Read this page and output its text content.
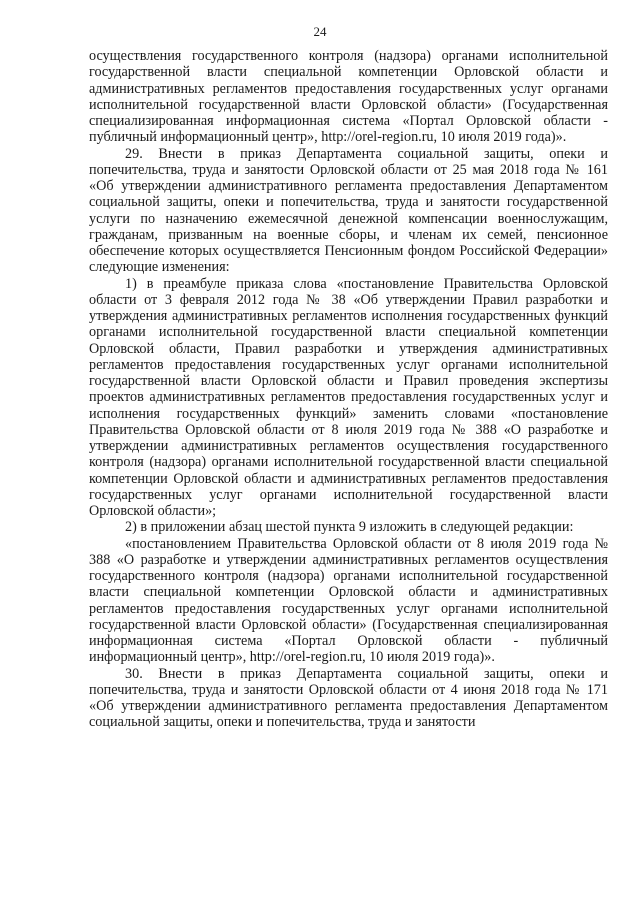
24

осуществления государственного контроля (надзора) органами исполнительной государственной власти специальной компетенции Орловской области и административных регламентов предоставления государственных услуг органами исполнительной государственной власти Орловской области» (Государственная специализированная информационная система «Портал Орловской области - публичный информационный центр», http://orel-region.ru, 10 июля 2019 года)».

29. Внести в приказ Департамента социальной защиты, опеки и попечительства, труда и занятости Орловской области от 25 мая 2018 года № 161 «Об утверждении административного регламента предоставления Департаментом социальной защиты, опеки и попечительства, труда и занятости государственной услуги по назначению ежемесячной денежной компенсации военнослужащим, гражданам, призванным на военные сборы, и членам их семей, пенсионное обеспечение которых осуществляется Пенсионным фондом Российской Федерации» следующие изменения:

1) в преамбуле приказа слова «постановление Правительства Орловской области от 3 февраля 2012 года № 38 «Об утверждении Правил разработки и утверждения административных регламентов исполнения государственных функций органами исполнительной государственной власти специальной компетенции Орловской области, Правил разработки и утверждения административных регламентов предоставления государственных услуг органами исполнительной государственной власти Орловской области и Правил проведения экспертизы проектов административных регламентов предоставления государственных услуг и исполнения государственных функций» заменить словами «постановление Правительства Орловской области от 8 июля 2019 года № 388 «О разработке и утверждении административных регламентов осуществления государственного контроля (надзора) органами исполнительной государственной власти специальной компетенции Орловской области и административных регламентов предоставления государственных услуг органами исполнительной государственной власти Орловской области»;

2) в приложении абзац шестой пункта 9 изложить в следующей редакции:

«постановлением Правительства Орловской области от 8 июля 2019 года № 388 «О разработке и утверждении административных регламентов осуществления государственного контроля (надзора) органами исполнительной государственной власти специальной компетенции Орловской области и административных регламентов предоставления государственных услуг органами исполнительной государственной власти Орловской области» (Государственная специализированная информационная система «Портал Орловской области - публичный информационный центр», http://orel-region.ru, 10 июля 2019 года)».

30. Внести в приказ Департамента социальной защиты, опеки и попечительства, труда и занятости Орловской области от 4 июня 2018 года № 171 «Об утверждении административного регламента предоставления Департаментом социальной защиты, опеки и попечительства, труда и занятости
